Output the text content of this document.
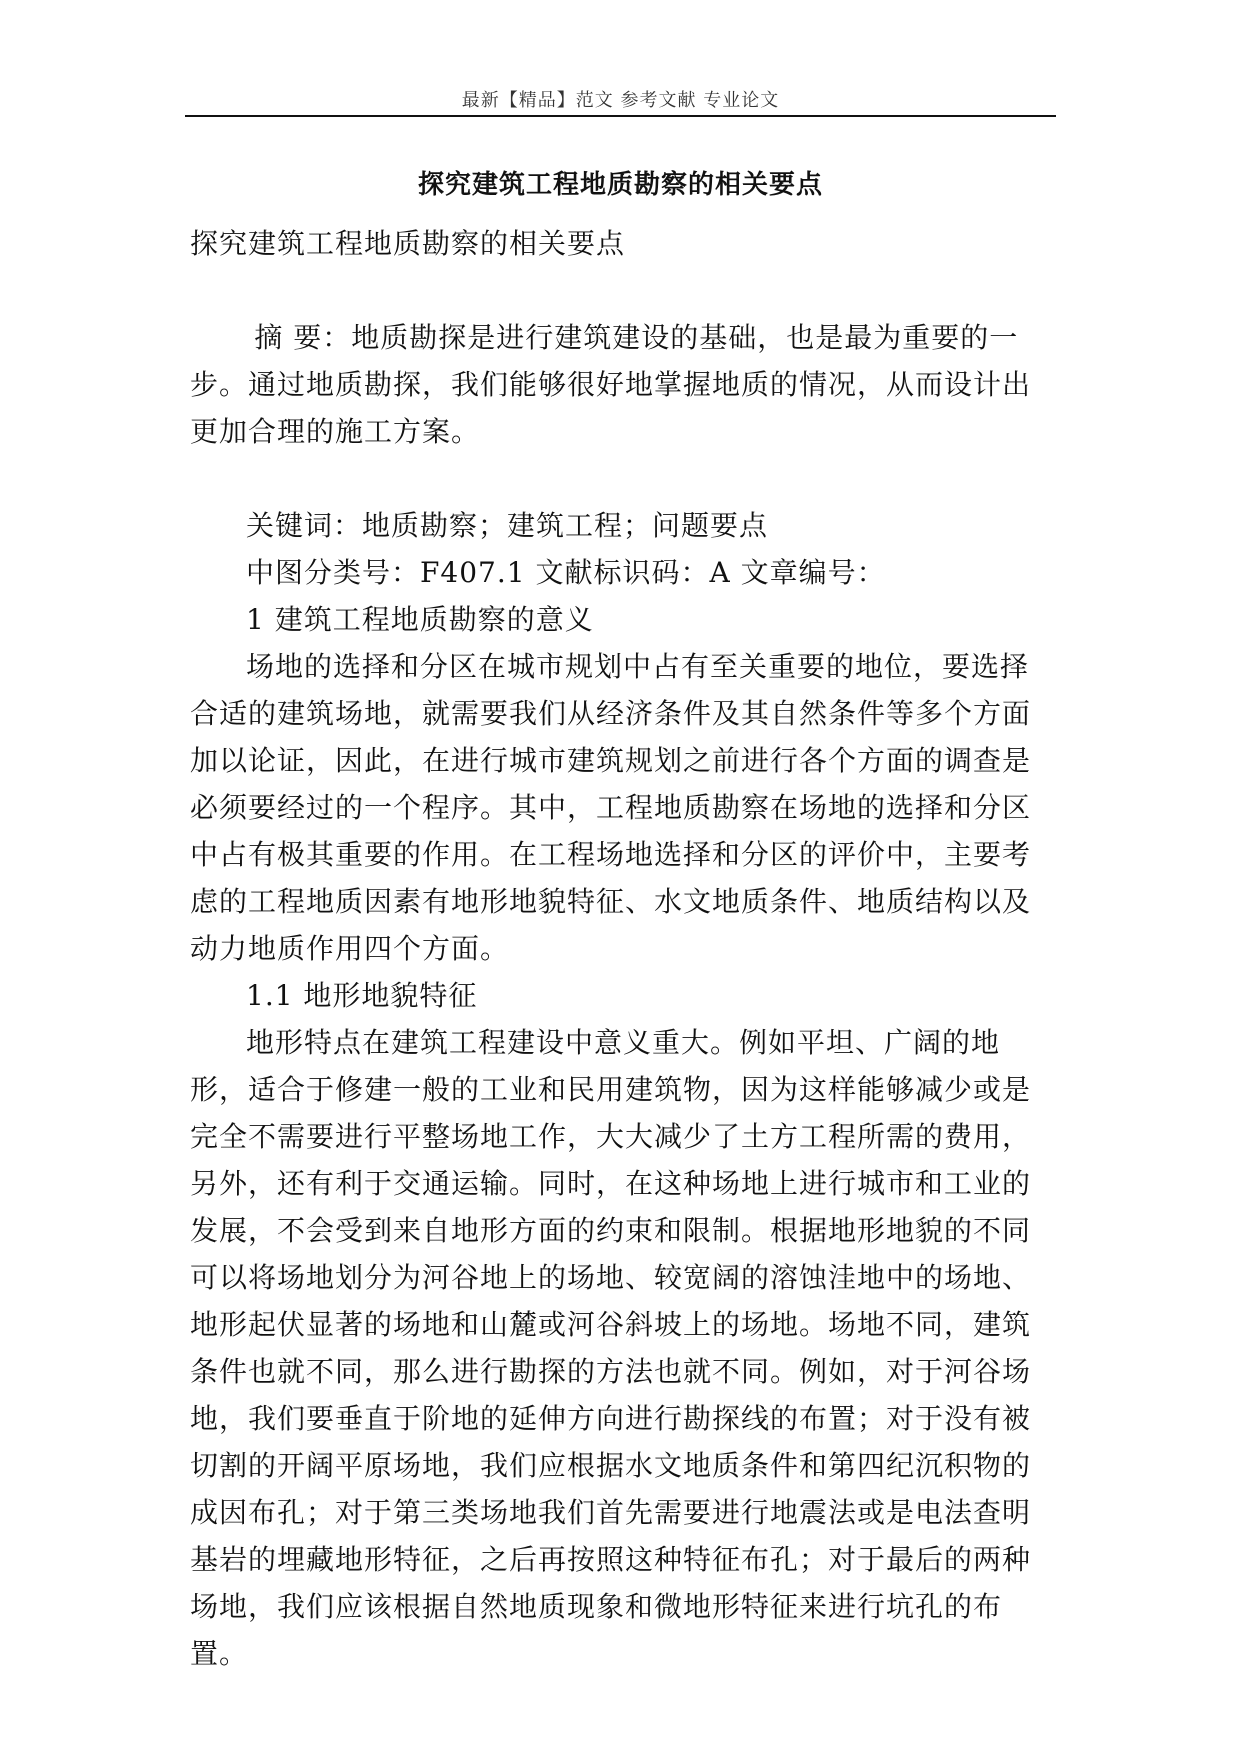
最新【精品】范文 参考文献 专业论文
探究建筑工程地质勘察的相关要点

探究建筑工程地质勘察的相关要点

摘 要：地质勘探是进行建筑建设的基础，也是最为重要的一步。通过地质勘探，我们能够很好地掌握地质的情况，从而设计出更加合理的施工方案。

关键词：地质勘察；建筑工程；问题要点

中图分类号：F407.1 文献标识码：A 文章编号：

1 建筑工程地质勘察的意义

场地的选择和分区在城市规划中占有至关重要的地位，要选择合适的建筑场地，就需要我们从经济条件及其自然条件等多个方面加以论证，因此，在进行城市建筑规划之前进行各个方面的调查是必须要经过的一个程序。其中，工程地质勘察在场地的选择和分区中占有极其重要的作用。在工程场地选择和分区的评价中，主要考虑的工程地质因素有地形地貌特征、水文地质条件、地质结构以及动力地质作用四个方面。

1.1 地形地貌特征

地形特点在建筑工程建设中意义重大。例如平坦、广阔的地形，适合于修建一般的工业和民用建筑物，因为这样能够减少或是完全不需要进行平整场地工作，大大减少了土方工程所需的费用，另外，还有利于交通运输。同时，在这种场地上进行城市和工业的发展，不会受到来自地形方面的约束和限制。根据地形地貌的不同可以将场地划分为河谷地上的场地、较宽阔的溶蚀洼地中的场地、地形起伏显著的场地和山麓或河谷斜坡上的场地。场地不同，建筑条件也就不同，那么进行勘探的方法也就不同。例如，对于河谷场地，我们要垂直于阶地的延伸方向进行勘探线的布置；对于没有被切割的开阔平原场地，我们应根据水文地质条件和第四纪沉积物的成因布孔；对于第三类场地我们首先需要进行地震法或是电法查明基岩的埋藏地形特征，之后再按照这种特征布孔；对于最后的两种场地，我们应该根据自然地质现象和微地形特征来进行坑孔的布置。
